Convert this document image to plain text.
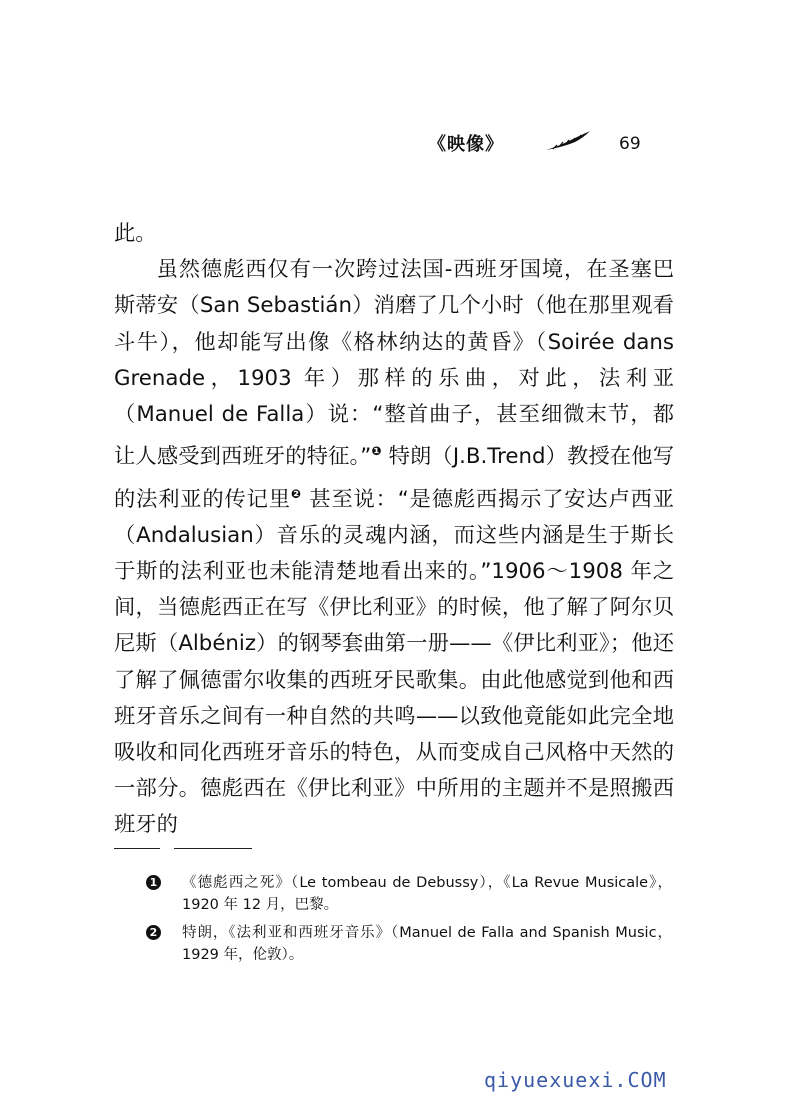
《映像》	69

此。

虽然德彪西仅有一次跨过法国-西班牙国境，在圣塞巴斯蒂安（San Sebastián）消磨了几个小时（他在那里观看斗牛），他却能写出像《格林纳达的黄昏》（Soirée dans Grenade，1903 年）那样的乐曲，对此，法利亚（Manuel de Falla）说：“整首曲子，甚至细微末节，都让人感受到西班牙的特征。”$^❶$ 特朗（J.B.Trend）教授在他写的法利亚的传记里$^❷$ 甚至说：“是德彪西揭示了安达卢西亚（Andalusian）音乐的灵魂内涵，而这些内涵是生于斯长于斯的法利亚也未能清楚地看出来的。”1906～1908 年之间，当德彪西正在写《伊比利亚》的时候，他了解了阿尔贝尼斯（Albéniz）的钢琴套曲第一册——《伊比利亚》；他还了解了佩德雷尔收集的西班牙民歌集。由此他感觉到他和西班牙音乐之间有一种自然的共鸣——以致他竟能如此完全地吸收和同化西班牙音乐的特色，从而变成自己风格中天然的一部分。德彪西在《伊比利亚》中所用的主题并不是照搬西班牙的

1 《德彪西之死》（Le tombeau de Debussy），《La Revue Musicale》，1920 年 12 月，巴黎。
2 特朗，《法利亚和西班牙音乐》（Manuel de Falla and Spanish Music，1929 年，伦敦）。
qiyuexuexi.COM
